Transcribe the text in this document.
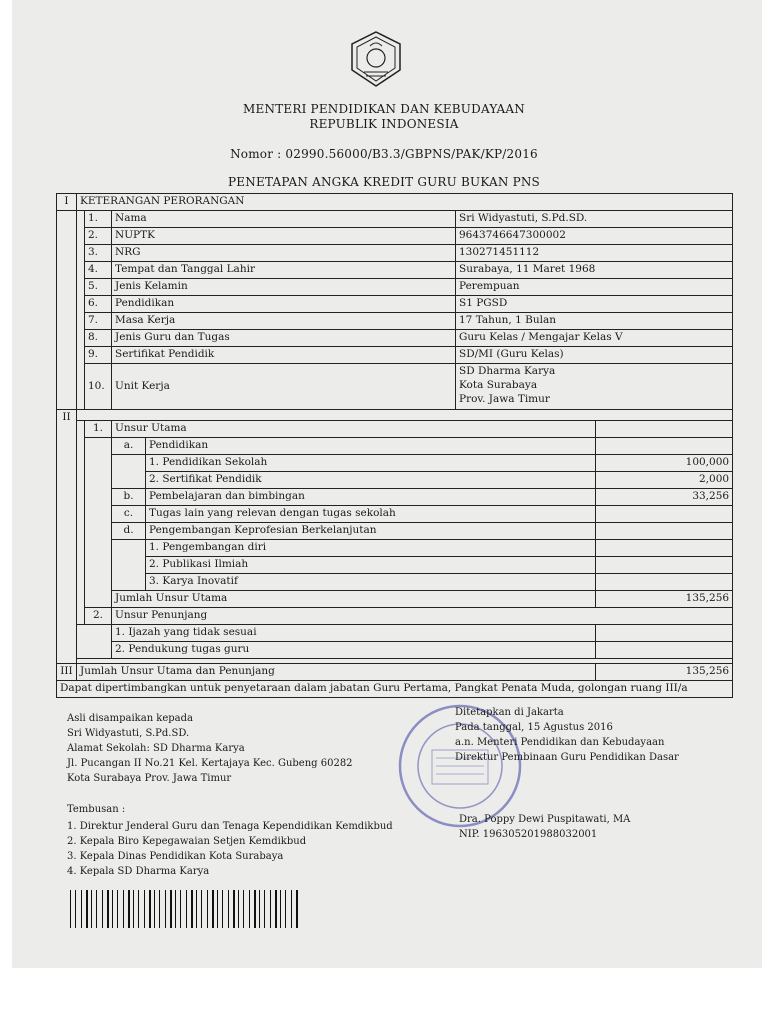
MENTERI PENDIDIKAN DAN KEBUDAYAAN
REPUBLIK INDONESIA
Nomor : 02990.56000/B3.3/GBPNS/PAK/KP/2016
PENETAPAN ANGKA KREDIT GURU BUKAN PNS
I	KETERANGAN PERORANGAN						
		1.	Nama		Sri Widyastuti, S.Pd.SD.		
		2.	NUPTK		9643746647300002		
		3.	NRG		130271451112		
		4.	Tempat dan Tanggal Lahir		Surabaya, 11 Maret 1968		
		5.	Jenis Kelamin		Perempuan		
		6.	Pendidikan		S1 PGSD		
		7.	Masa Kerja		17 Tahun, 1 Bulan		
		8.	Jenis Guru dan Tugas		Guru Kelas / Mengajar Kelas V		
		9.	Sertifikat Pendidik		SD/MI (Guru Kelas)		
		10.	Unit Kerja		SD Dharma Karya
Kota Surabaya
Prov. Jawa Timur		

II							
		1.	Unsur Utama				
			a.	Pendidikan			
				1. Pendidikan Sekolah		100,000	
				2. Sertifikat Pendidik		2,000	
			b.	Pembelajaran dan bimbingan		33,256	
			c.	Tugas lain yang relevan dengan tugas sekolah			
			d.	Pengembangan Keprofesian Berkelanjutan			
				1. Pengembangan diri			
				2. Publikasi Ilmiah			
				3. Karya Inovatif			
			Jumlah Unsur Utama			135,256	
		2.	Unsur Penunjang				
			1. Ijazah yang tidak sesuai				
			2. Pendukung tugas guru				

III	Jumlah Unsur Utama dan Penunjang					135,256	
Dapat dipertimbangkan untuk penyetaraan dalam jabatan Guru Pertama, Pangkat Penata Muda, golongan ruang III/a							
Asli disampaikan kepada
Sri Widyastuti, S.Pd.SD.
Alamat Sekolah: SD Dharma Karya
Jl. Pucangan II No.21 Kel. Kertajaya Kec. Gubeng 60282
Kota Surabaya Prov. Jawa Timur
Ditetapkan di Jakarta
Pada tanggal, 15 Agustus 2016
a.n. Menteri Pendidikan dan Kebudayaan
Direktur Pembinaan Guru Pendidikan Dasar
Tembusan :
1. Direktur Jenderal Guru dan Tenaga Kependidikan Kemdikbud
2. Kepala Biro Kepegawaian Setjen Kemdikbud
3. Kepala Dinas Pendidikan Kota Surabaya
4. Kepala SD Dharma Karya
Dra. Poppy Dewi Puspitawati, MA
NIP. 196305201988032001
